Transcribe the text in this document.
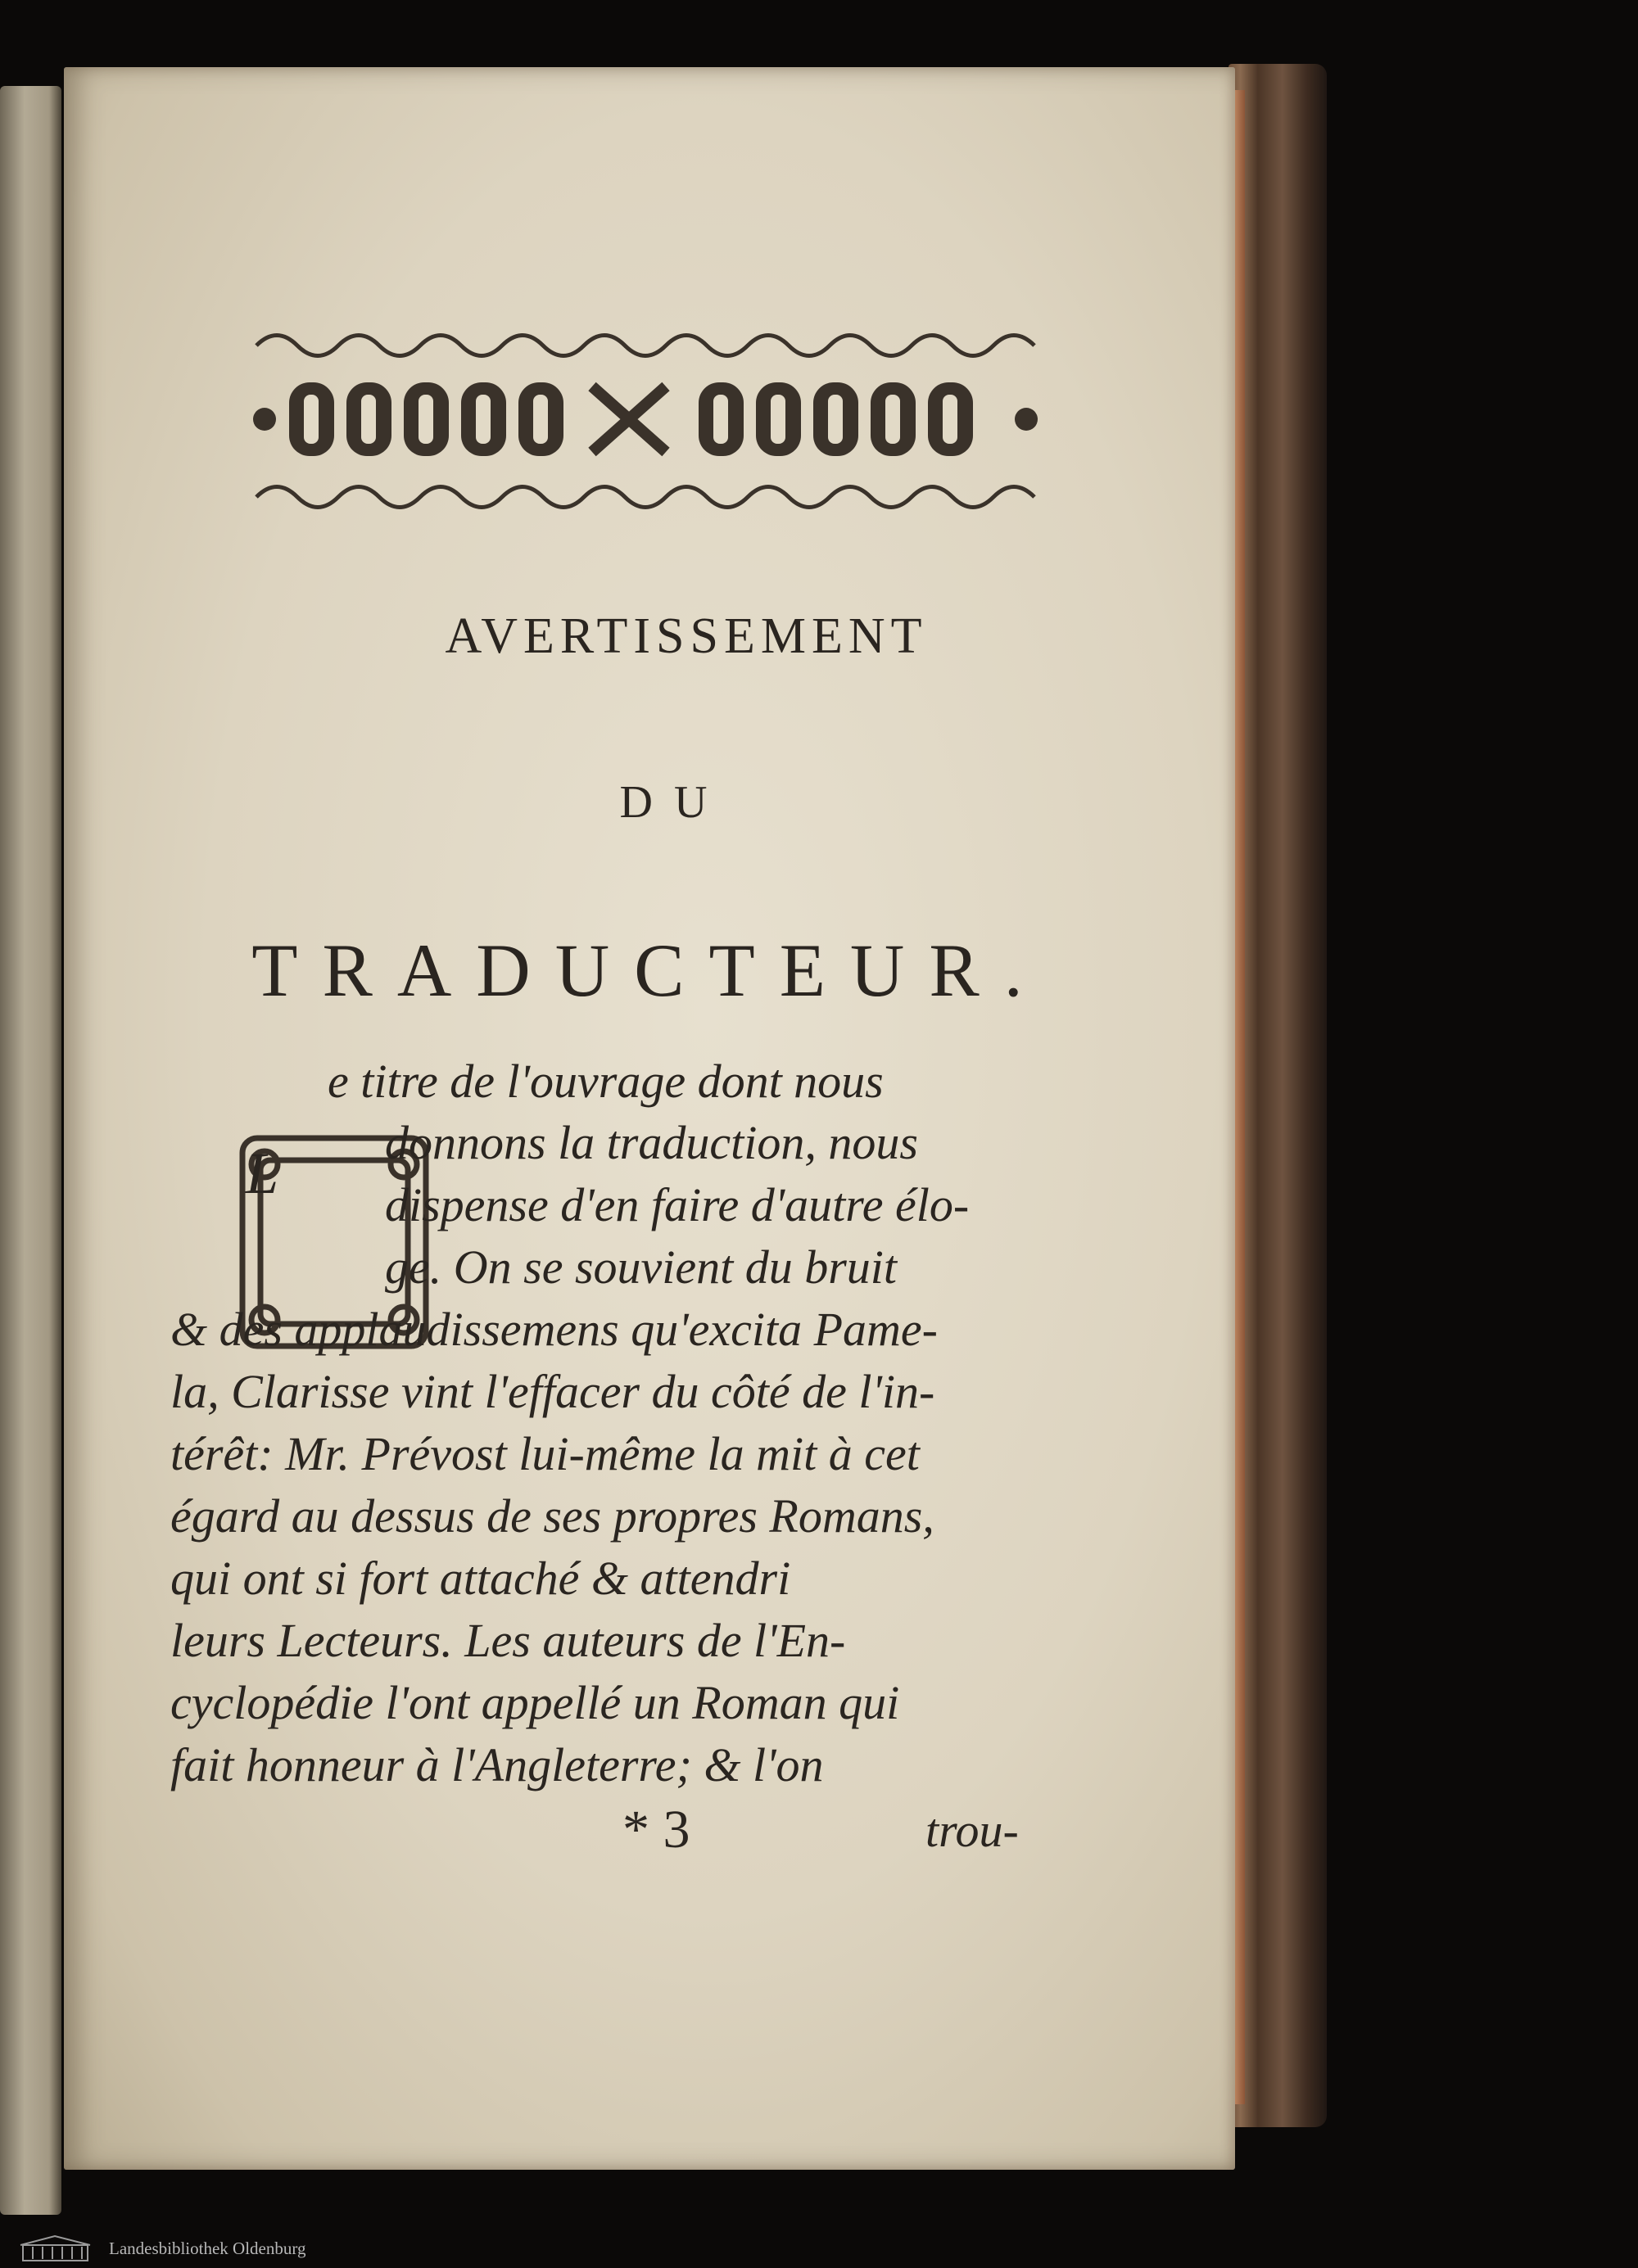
AVERTISSEMENT
DU
TRADUCTEUR.
L
e titre de l'ouvrage dont nous
donnons la traduction, nous
dispense d'en faire d'autre élo-
ge. On se souvient du bruit
& des applaudissemens qu'excita Pame-
la, Clarisse vint l'effacer du côté de l'in-
térêt: Mr. Prévost lui-même la mit à cet
égard au dessus de ses propres Romans,
qui ont si fort attaché & attendri
leurs Lecteurs. Les auteurs de l'En-
cyclopédie l'ont appellé un Roman qui
fait honneur à l'Angleterre; & l'on
* 3	trou-
Landesbibliothek Oldenburg
